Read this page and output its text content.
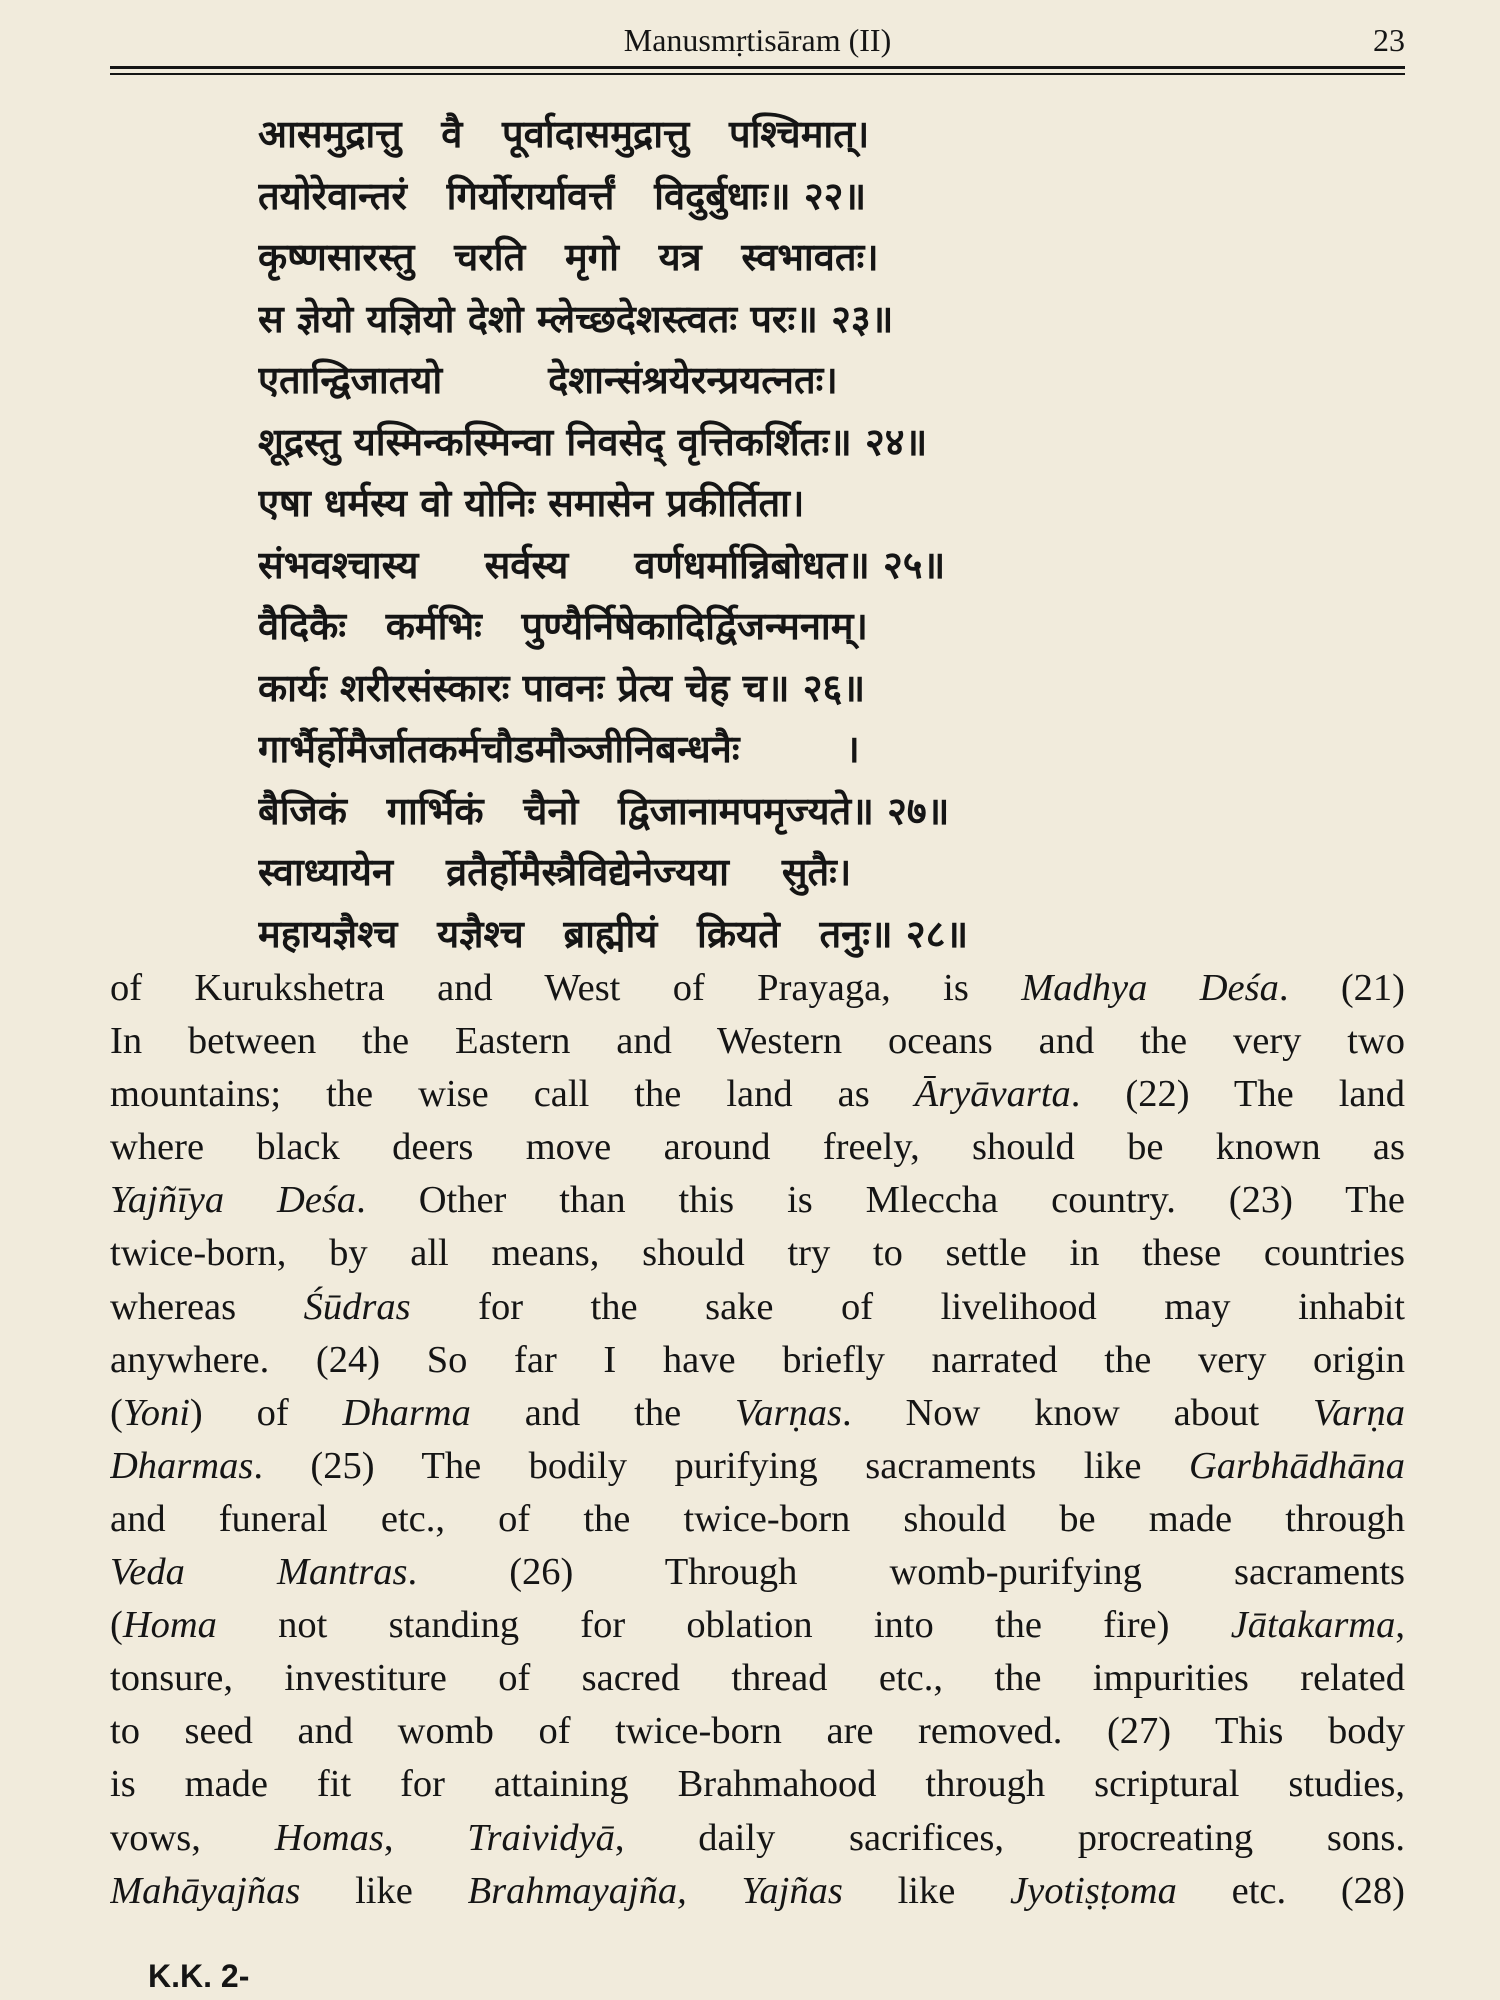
Manusmṛtisāram (II)	23
आसमुद्रात्तु   वै   पूर्वादासमुद्रात्तु   पश्चिमात्।
तयोरेवान्तरं   गिर्योरार्यावर्त्तं   विदुर्बुधाः॥ २२॥
कृष्णसारस्तु   चरति   मृगो   यत्र   स्वभावतः।
स ज्ञेयो यज्ञियो देशो म्लेच्छदेशस्त्वतः परः॥ २३॥
एतान्द्विजातयो        देशान्संश्रयेरन्प्रयत्नतः।
शूद्रस्तु यस्मिन्कस्मिन्वा निवसेद् वृत्तिकर्शितः॥ २४॥
एषा धर्मस्य वो योनिः समासेन प्रकीर्तिता।
संभवश्चास्य     सर्वस्य     वर्णधर्मान्निबोधत॥ २५॥
वैदिकैः   कर्मभिः   पुण्यैर्निषेकादिर्द्विजन्मनाम्।
कार्यः शरीरसंस्कारः पावनः प्रेत्य चेह च॥ २६॥
गार्भैर्होमैर्जातकर्मचौडमौञ्जीनिबन्धनैः        ।
बैजिकं   गार्भिकं   चैनो   द्विजानामपमृज्यते॥ २७॥
स्वाध्यायेन    व्रतैर्होमैस्त्रैविद्येनेज्यया    सुतैः।
महायज्ञैश्च   यज्ञैश्च   ब्राह्मीयं   क्रियते   तनुः॥ २८॥
of Kurukshetra and West of Prayaga, is Madhya Deśa. (21)
In between the Eastern and Western oceans and the very two
mountains; the wise call the land as Āryāvarta. (22) The land
where black deers move around freely, should be known as
Yajñīya Deśa. Other than this is Mleccha country. (23) The
twice-born, by all means, should try to settle in these countries
whereas Śūdras for the sake of livelihood may inhabit
anywhere. (24) So far I have briefly narrated the very origin
(Yoni) of Dharma and the Varṇas. Now know about Varṇa
Dharmas. (25) The bodily purifying sacraments like Garbhādhāna
and funeral etc., of the twice-born should be made through
Veda Mantras. (26) Through womb-purifying sacraments
(Homa not standing for oblation into the fire) Jātakarma,
tonsure, investiture of sacred thread etc., the impurities related
to seed and womb of twice-born are removed. (27) This body
is made fit for attaining Brahmahood through scriptural studies,
vows, Homas, Traividyā, daily sacrifices, procreating sons.
Mahāyajñas like Brahmayajña, Yajñas like Jyotiṣṭoma etc. (28)
K.K. 2-
